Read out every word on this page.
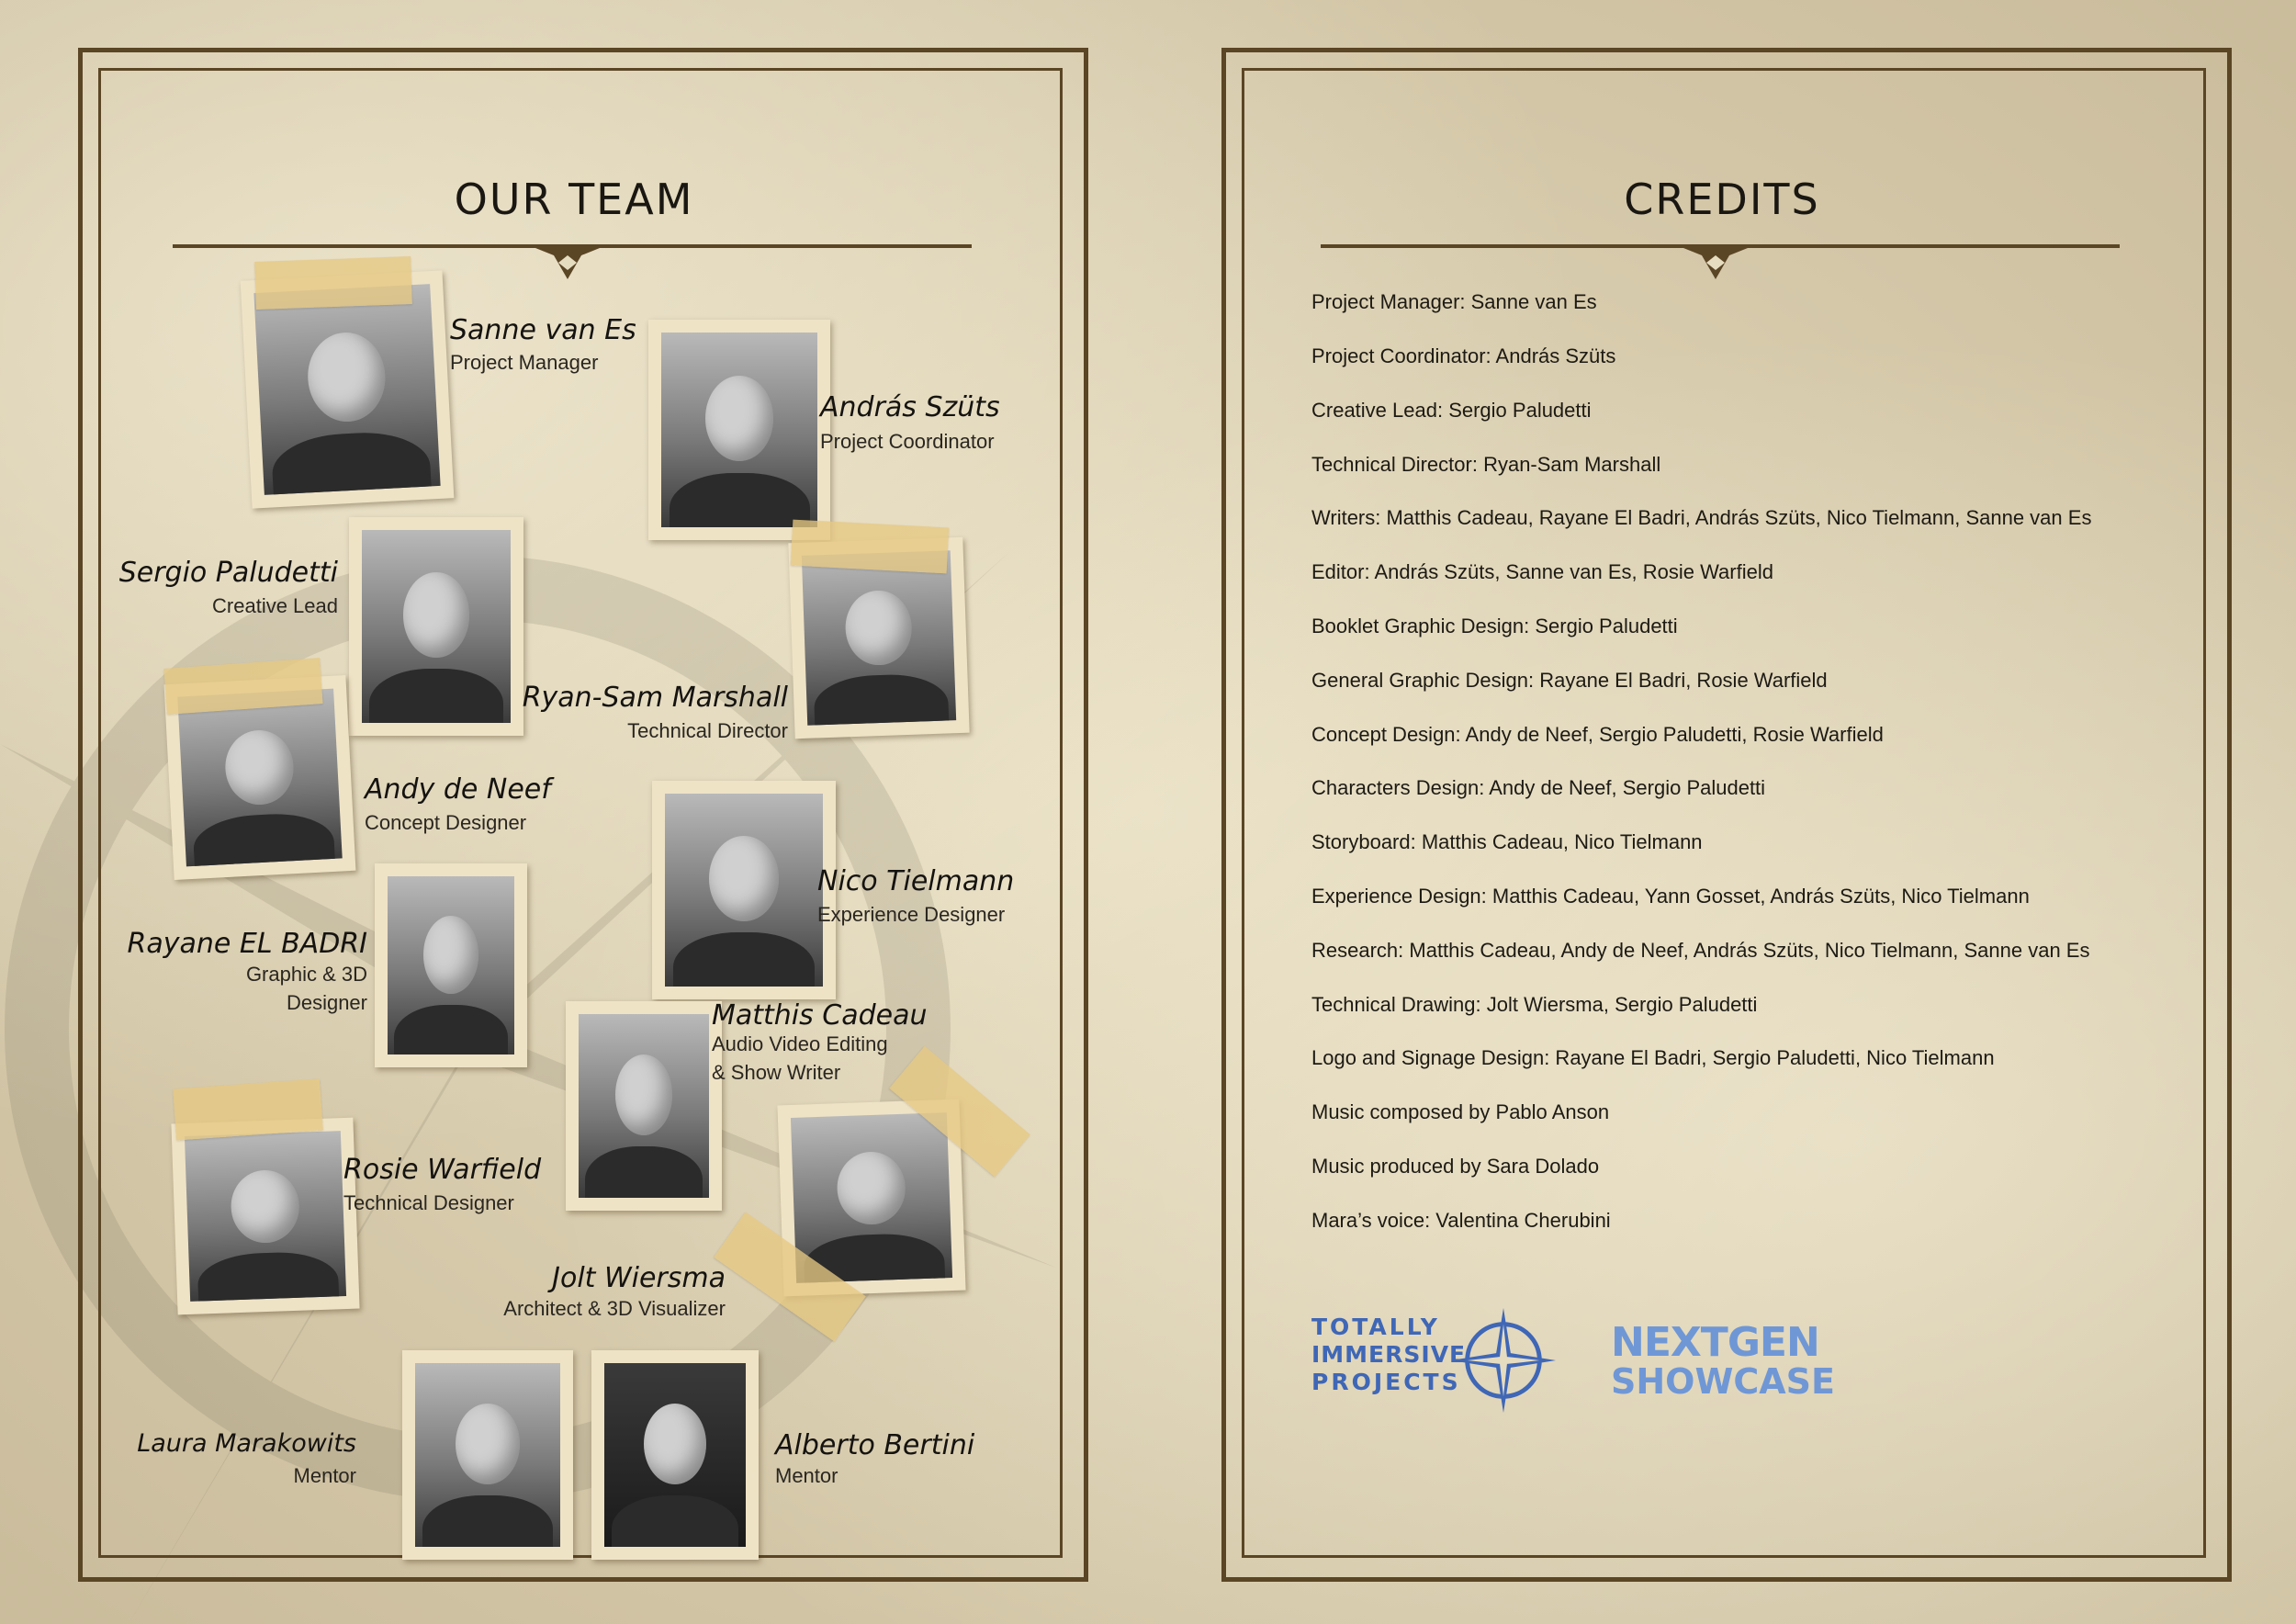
OUR TEAM	CREDITS
Sanne van Es
Project Manager
András Szüts
Project Coordinator
Sergio Paludetti
Creative Lead
Ryan-Sam Marshall
Technical Director
Andy de Neef
Concept Designer
Nico Tielmann
Experience Designer
Rayane EL BADRI
Graphic & 3D
Designer	Matthis Cadeau
Audio Video Editing
& Show Writer
Rosie Warfield
Technical Designer
Jolt Wiersma
Architect & 3D Visualizer
Laura Marakowits
Mentor
Alberto Bertini
Mentor
Project Manager: Sanne van Es
Project Coordinator: András Szüts
Creative Lead: Sergio Paludetti
Technical Director: Ryan-Sam Marshall
Writers: Matthis Cadeau, Rayane El Badri, András Szüts, Nico Tielmann, Sanne van Es
Editor: András Szüts, Sanne van Es, Rosie Warfield
Booklet Graphic Design: Sergio Paludetti
General Graphic Design: Rayane El Badri, Rosie Warfield
Concept Design: Andy de Neef, Sergio Paludetti, Rosie Warfield
Characters Design: Andy de Neef, Sergio Paludetti
Storyboard: Matthis Cadeau, Nico Tielmann
Experience Design: Matthis Cadeau, Yann Gosset, András Szüts, Nico Tielmann
Research: Matthis Cadeau, Andy de Neef, András Szüts, Nico Tielmann, Sanne van Es
Technical Drawing: Jolt Wiersma, Sergio Paludetti
Logo and Signage Design: Rayane El Badri, Sergio Paludetti, Nico Tielmann
Music composed by Pablo Anson
Music produced by Sara Dolado
Mara’s voice: Valentina Cherubini
TOTALLY
IMMERSIVE
PROJECTS
NEXTGEN
SHOWCASE
